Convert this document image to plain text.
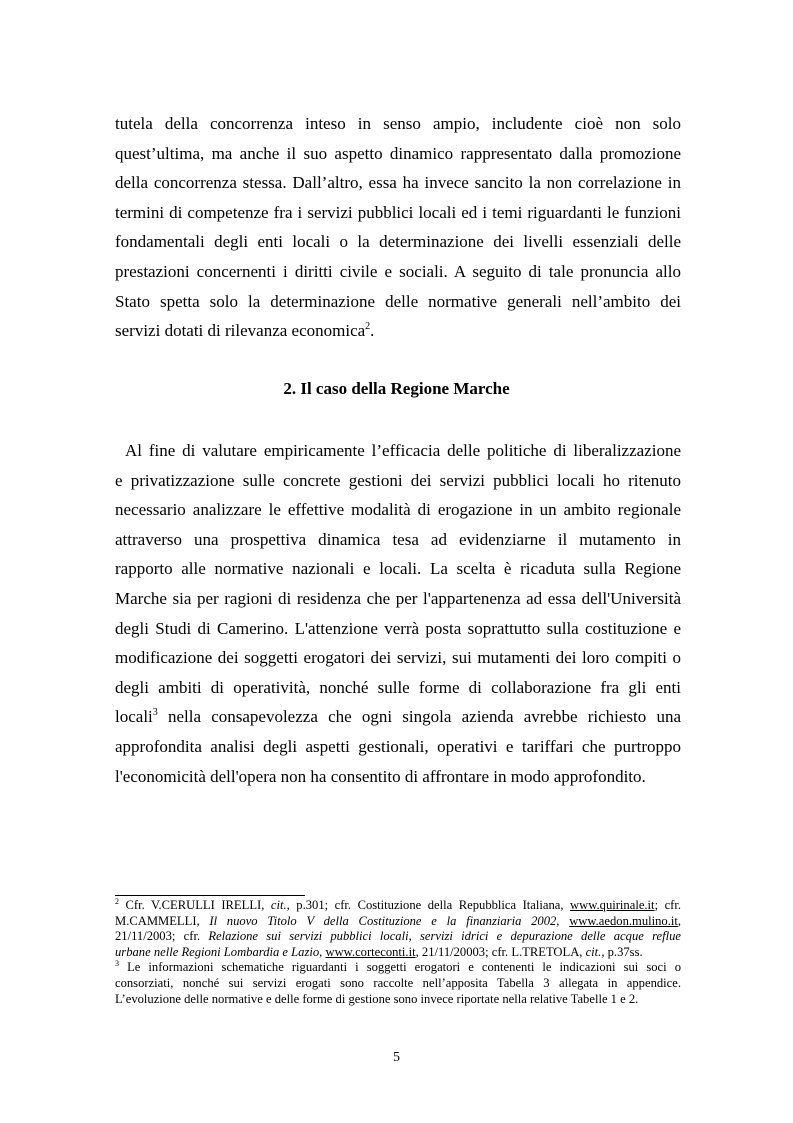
tutela della concorrenza inteso in senso ampio, includente cioè non solo
quest’ultima, ma anche il suo aspetto dinamico rappresentato dalla promozione
della concorrenza stessa. Dall’altro, essa ha invece sancito la non correlazione in
termini di competenze fra i servizi pubblici locali ed i temi riguardanti le funzioni
fondamentali degli enti locali o la determinazione dei livelli essenziali delle
prestazioni concernenti i diritti civile e sociali. A seguito di tale pronuncia allo
Stato spetta solo la determinazione delle normative generali nell’ambito dei
servizi dotati di rilevanza economica$^2$.
2. Il caso della Regione Marche
Al fine di valutare empiricamente l’efficacia delle politiche di liberalizzazione
e privatizzazione sulle concrete gestioni dei servizi pubblici locali ho ritenuto
necessario analizzare le effettive modalità di erogazione in un ambito regionale
attraverso una prospettiva dinamica tesa ad evidenziarne il mutamento in
rapporto alle normative nazionali e locali. La scelta è ricaduta sulla Regione
Marche sia per ragioni di residenza che per l'appartenenza ad essa dell'Università
degli Studi di Camerino. L'attenzione verrà posta soprattutto sulla costituzione e
modificazione dei soggetti erogatori dei servizi, sui mutamenti dei loro compiti o
degli ambiti di operatività, nonché sulle forme di collaborazione fra gli enti
locali$^3$ nella consapevolezza che ogni singola azienda avrebbe richiesto una
approfondita analisi degli aspetti gestionali, operativi e tariffari che purtroppo
l'economicità dell'opera non ha consentito di affrontare in modo approfondito.
$^2$ Cfr. V.CERULLI IRELLI, cit., p.301; cfr. Costituzione della Repubblica Italiana, www.quirinale.it; cfr.
M.CAMMELLI, Il nuovo Titolo V della Costituzione e la finanziaria 2002, www.aedon.mulino.it,
21/11/2003; cfr. Relazione sui servizi pubblici locali, servizi idrici e depurazione delle acque reflue
urbane nelle Regioni Lombardia e Lazio, www.corteconti.it, 21/11/20003; cfr. L.TRETOLA, cit., p.37ss.
$^3$ Le informazioni schematiche riguardanti i soggetti erogatori e contenenti le indicazioni sui soci o
consorziati, nonché sui servizi erogati sono raccolte nell’apposita Tabella 3 allegata in appendice.
L’evoluzione delle normative e delle forme di gestione sono invece riportate nella relative Tabelle 1 e 2.
5
